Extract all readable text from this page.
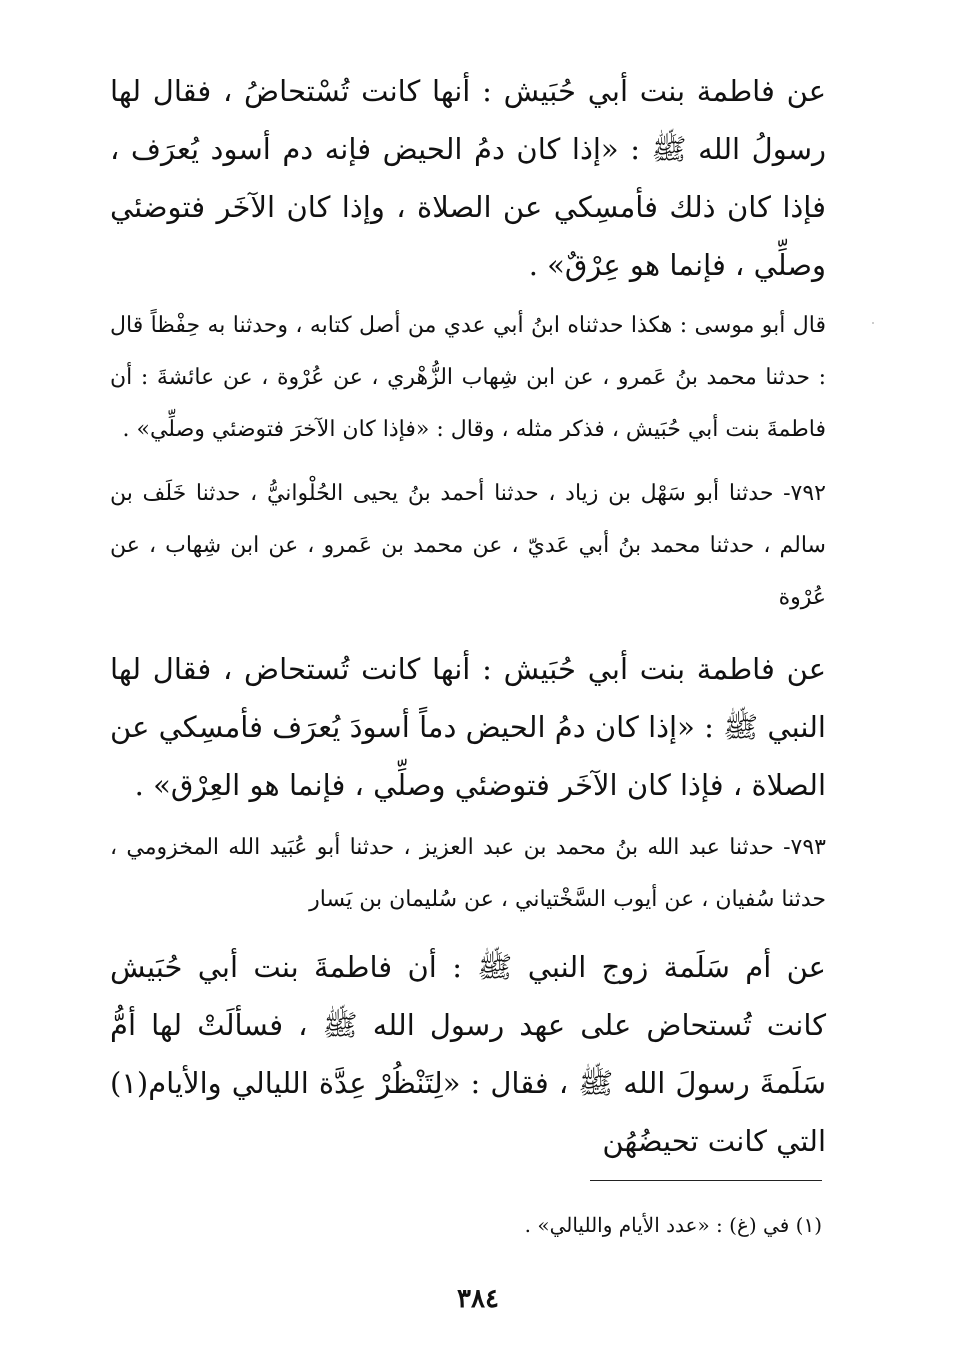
عن فاطمة بنت أبي حُبَيش : أنها كانت تُسْتحاضُ ، فقال لها رسولُ الله ﷺ : «إذا كان دمُ الحيض فإنه دم أسود يُعرَف ، فإذا كان ذلك فأمسِكي عن الصلاة ، وإذا كان الآخَر فتوضئي وصلِّي ، فإنما هو عِرْقٌ» .

قال أبو موسى : هكذا حدثناه ابنُ أبي عدي من أصل كتابه ، وحدثنا به حِفْظاً قال : حدثنا محمد بنُ عَمرو ، عن ابن شِهاب الزُّهْري ، عن عُرْوة ، عن عائشةَ : أن فاطمةَ بنت أبي حُبَيش ، فذكر مثله ، وقال : «فإذا كان الآخرَ فتوضئي وصلِّي» .

٧٩٢- حدثنا أبو سَهْل بن زياد ، حدثنا أحمد بنُ يحيى الحُلْوانيُّ ، حدثنا خَلَف بن سالم ، حدثنا محمد بنُ أبي عَديّ ، عن محمد بن عَمرو ، عن ابن شِهاب ، عن عُرْوة

عن فاطمة بنت أبي حُبَيش : أنها كانت تُستحاض ، فقال لها النبي ﷺ : «إذا كان دمُ الحيض دماً أسودَ يُعرَف فأمسِكي عن الصلاة ، فإذا كان الآخَر فتوضئي وصلِّي ، فإنما هو العِرْق» .

٧٩٣- حدثنا عبد الله بنُ محمد بن عبد العزيز ، حدثنا أبو عُبَيد الله المخزومي ، حدثنا سُفيان ، عن أيوب السَّخْتياني ، عن سُليمان بن يَسار

عن أم سَلَمة زوج النبي ﷺ : أن فاطمةَ بنت أبي حُبَيش كانت تُستحاض على عهد رسول الله ﷺ ، فسألَتْ لها أمُّ سَلَمةَ رسولَ الله ﷺ ، فقال : «لِتَنْظُرْ عِدَّة الليالي والأيام(١) التي كانت تحيضُهُن

(١) في (غ) : «عدد الأيام والليالي» .
٣٨٤
